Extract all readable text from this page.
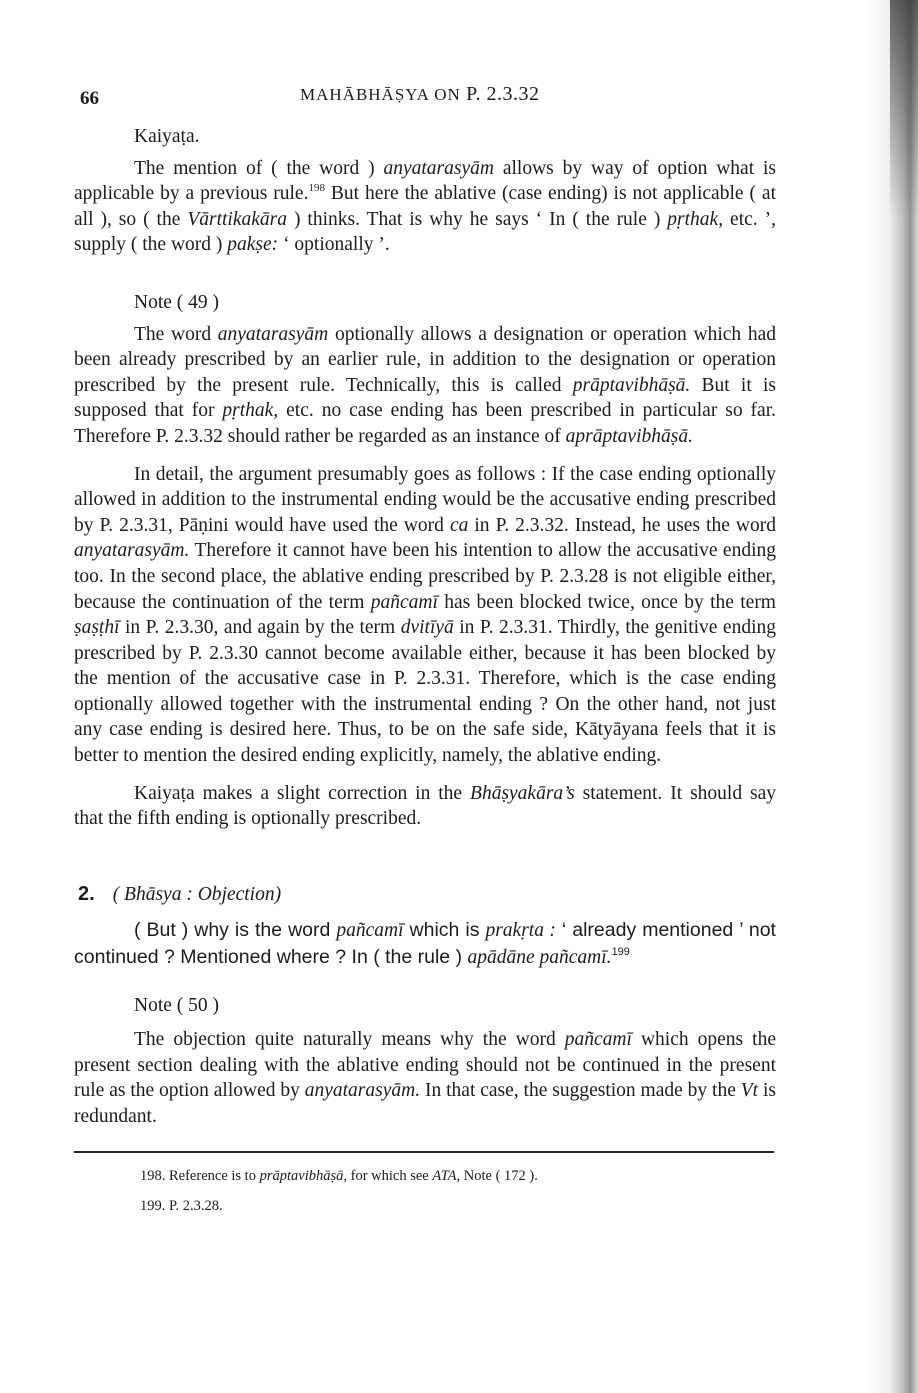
66	MAHĀBHĀṢYA ON P. 2.3.32

Kaiyaṭa.

The mention of ( the word ) anyatarasyām allows by way of option what is applicable by a previous rule.$^{198}$ But here the ablative (case ending) is not applicable ( at all ), so ( the Vārttikakāra ) thinks. That is why he says ‘ In ( the rule ) pṛthak, etc. ’, supply ( the word ) pakṣe: ‘ optionally ’.

Note ( 49 )

The word anyatarasyām optionally allows a designation or operation which had been already prescribed by an earlier rule, in addition to the designation or operation prescribed by the present rule. Technically, this is called prāptavibhāṣā. But it is supposed that for pṛthak, etc. no case ending has been prescribed in particular so far. Therefore P. 2.3.32 should rather be regarded as an instance of aprāptavibhāṣā.

In detail, the argument presumably goes as follows : If the case ending optionally allowed in addition to the instrumental ending would be the accusative ending prescribed by P. 2.3.31, Pāṇini would have used the word ca in P. 2.3.32. Instead, he uses the word anyatarasyām. Therefore it cannot have been his intention to allow the accusative ending too. In the second place, the ablative ending prescribed by P. 2.3.28 is not eligible either, because the continuation of the term pañcamī has been blocked twice, once by the term ṣaṣṭhī in P. 2.3.30, and again by the term dvitīyā in P. 2.3.31. Thirdly, the genitive ending prescribed by P. 2.3.30 cannot become available either, because it has been blocked by the mention of the accusative case in P. 2.3.31. Therefore, which is the case ending optionally allowed together with the instrumental ending ? On the other hand, not just any case ending is desired here. Thus, to be on the safe side, Kātyāyana feels that it is better to mention the desired ending explicitly, namely, the ablative ending.

Kaiyaṭa makes a slight correction in the Bhāṣyakāra’s statement. It should say that the fifth ending is optionally prescribed.

2. ( Bhāsya : Objection)

( But ) why is the word pañcamī which is prakṛta : ‘ already mentioned ’ not continued ? Mentioned where ? In ( the rule ) apādāne pañcamī.$^{199}$

Note ( 50 )

The objection quite naturally means why the word pañcamī which opens the present section dealing with the ablative ending should not be continued in the present rule as the option allowed by anyatarasyām. In that case, the suggestion made by the Vt is redundant.

198. Reference is to prāptavibhāṣā, for which see ATA, Note ( 172 ).

199. P. 2.3.28.
